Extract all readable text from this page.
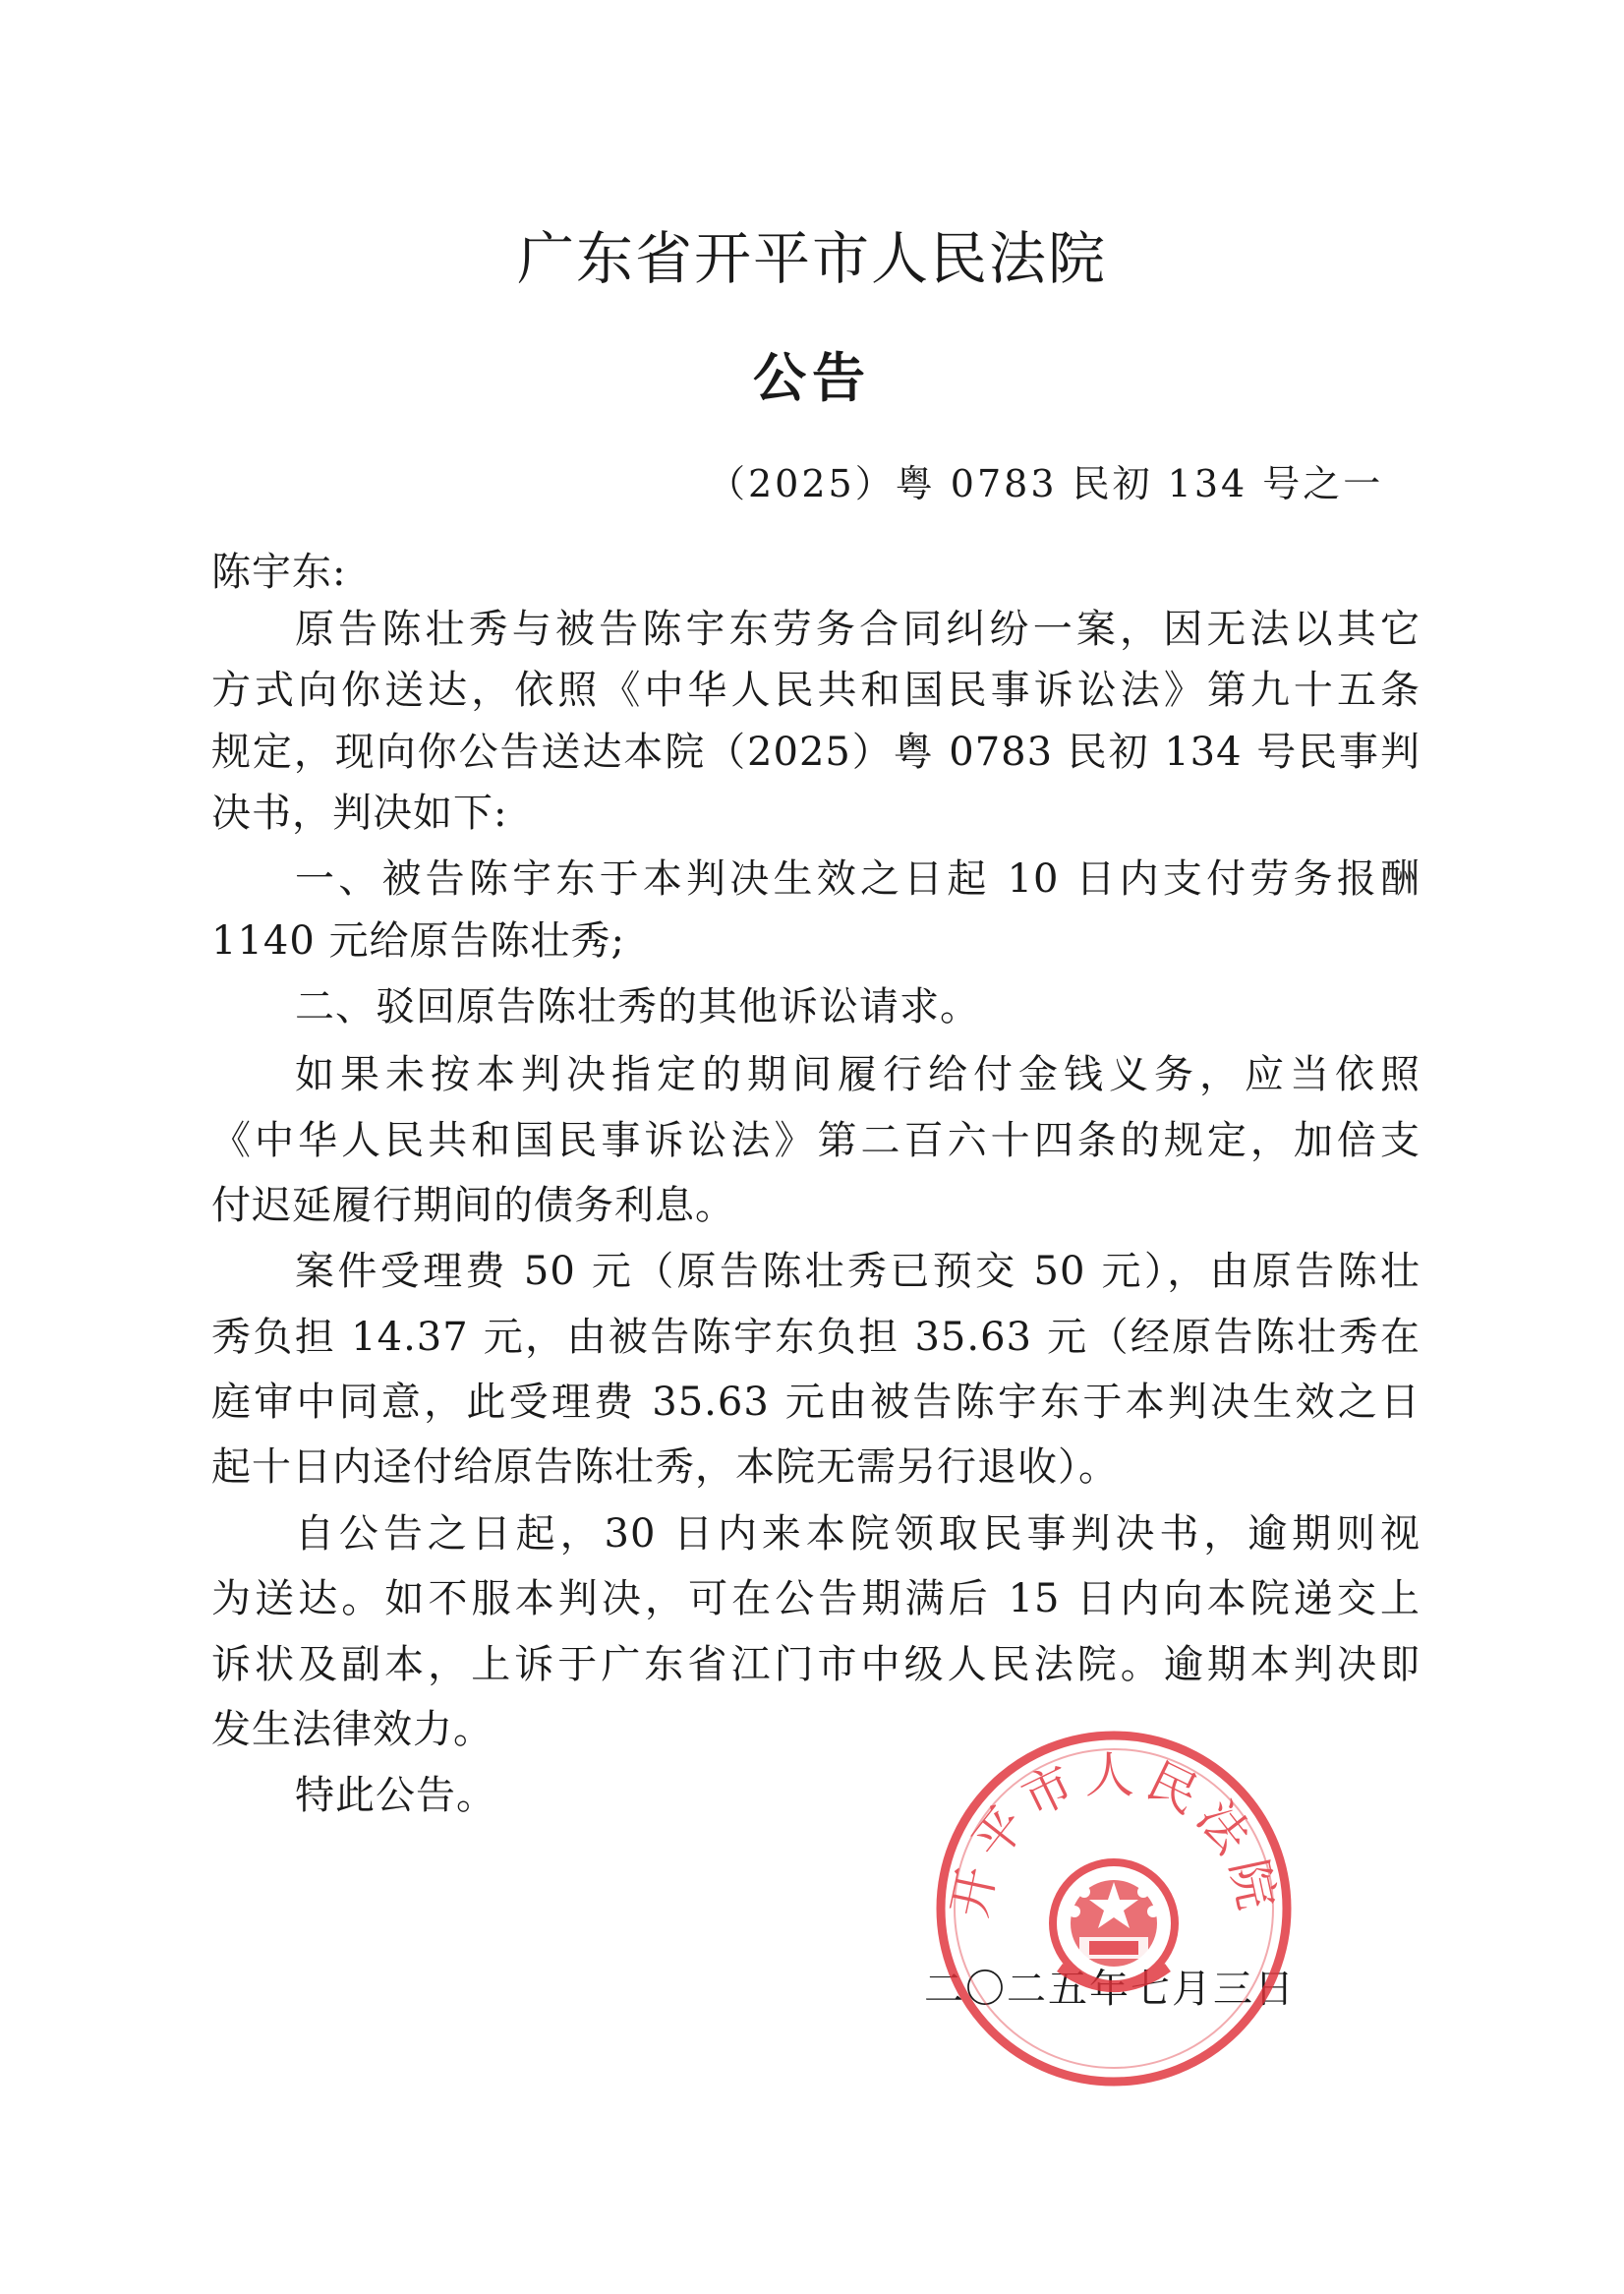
广东省开平市人民法院
公告
（2025）粤 0783 民初 134 号之一
陈宇东:
原告陈壮秀与被告陈宇东劳务合同纠纷一案，因无法以其它
方式向你送达，依照《中华人民共和国民事诉讼法》第九十五条
规定，现向你公告送达本院（2025）粤 0783 民初 134 号民事判
决书，判决如下:
一、被告陈宇东于本判决生效之日起 10 日内支付劳务报酬
1140 元给原告陈壮秀;
二、驳回原告陈壮秀的其他诉讼请求。
如果未按本判决指定的期间履行给付金钱义务，应当依照
《中华人民共和国民事诉讼法》第二百六十四条的规定，加倍支
付迟延履行期间的债务利息。
案件受理费 50 元（原告陈壮秀已预交 50 元），由原告陈壮
秀负担 14.37 元，由被告陈宇东负担 35.63 元（经原告陈壮秀在
庭审中同意，此受理费 35.63 元由被告陈宇东于本判决生效之日
起十日内迳付给原告陈壮秀，本院无需另行退收）。
自公告之日起，30 日内来本院领取民事判决书，逾期则视
为送达。如不服本判决，可在公告期满后 15 日内向本院递交上
诉状及副本，上诉于广东省江门市中级人民法院。逾期本判决即
发生法律效力。
特此公告。
二〇二五年七月三日
开平市人民法院
